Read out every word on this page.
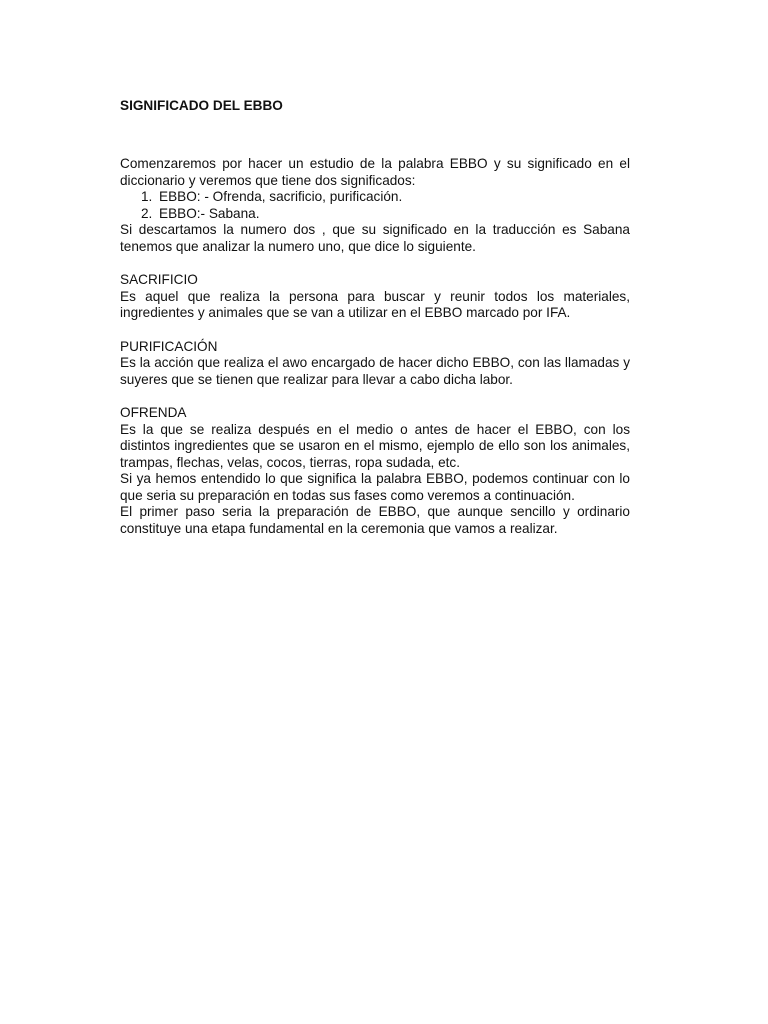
SIGNIFICADO DEL EBBO

Comenzaremos por hacer un estudio de la palabra EBBO y su significado en el diccionario y veremos que tiene dos significados:

1. EBBO: - Ofrenda, sacrificio, purificación.
2. EBBO:- Sabana.

Si descartamos la numero dos , que su significado en la traducción es Sabana tenemos que analizar la numero uno, que dice lo siguiente.

SACRIFICIO

Es aquel que realiza la persona para buscar y reunir todos los materiales, ingredientes y animales que se van a utilizar en el EBBO marcado por IFA.

PURIFICACIÓN

Es la acción que realiza el awo encargado de hacer dicho EBBO, con las llamadas y suyeres que se tienen que realizar para llevar a cabo dicha labor.

OFRENDA

Es la que se realiza después en el medio o antes de hacer el EBBO, con los distintos ingredientes que se usaron en el mismo, ejemplo de ello son los animales, trampas, flechas, velas, cocos, tierras, ropa sudada, etc.

Si ya hemos entendido lo que significa la palabra EBBO, podemos continuar con lo que seria su preparación en todas sus fases como veremos a continuación.

El primer paso seria la preparación de EBBO, que aunque sencillo y ordinario constituye una etapa fundamental en la ceremonia que vamos a realizar.
